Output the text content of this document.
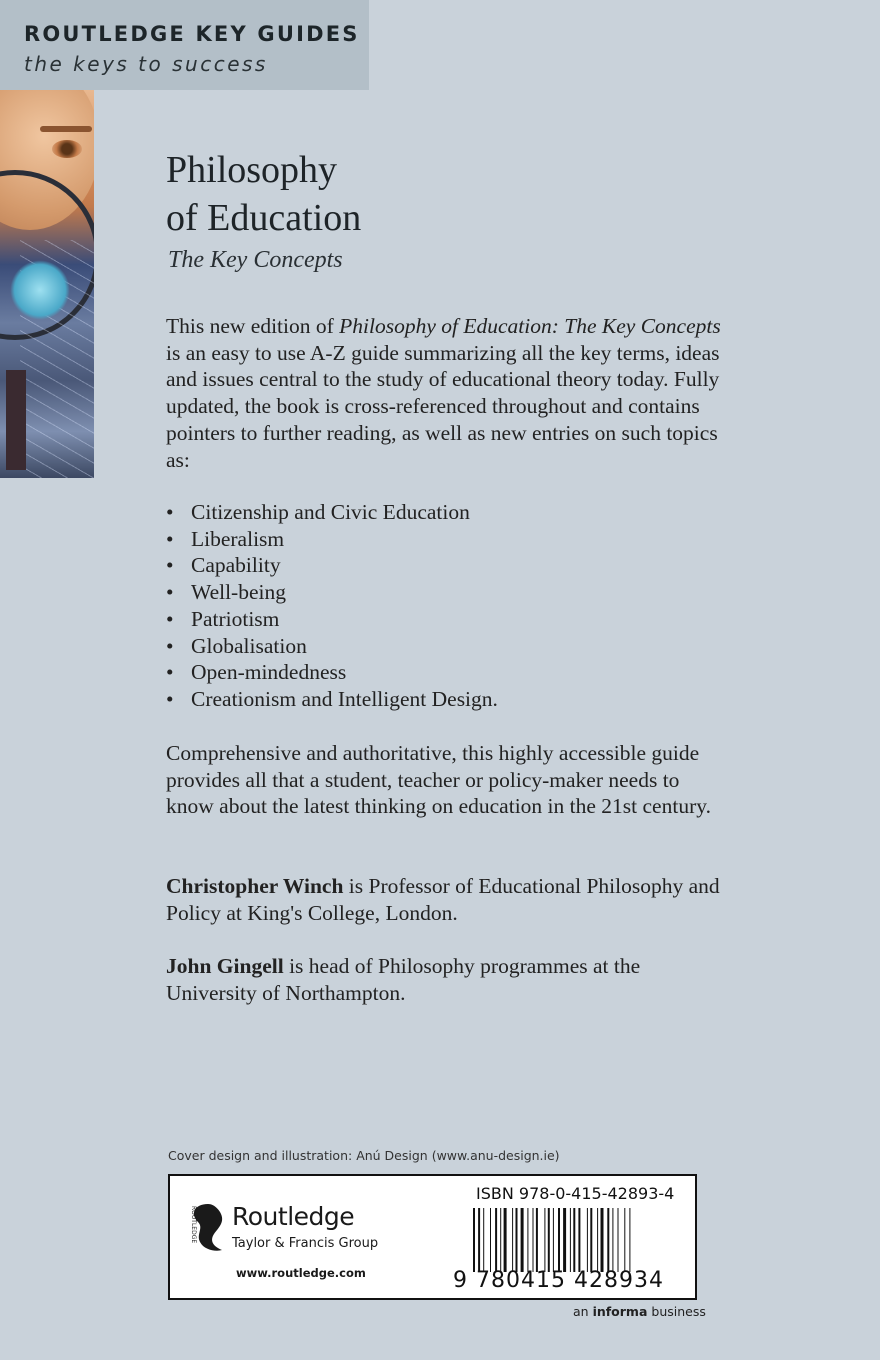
ROUTLEDGE KEY GUIDES
the keys to success
Philosophy
of Education
The Key Concepts
This new edition of Philosophy of Education: The Key Concepts is an easy to use A-Z guide summarizing all the key terms, ideas and issues central to the study of educational theory today. Fully updated, the book is cross-referenced throughout and contains pointers to further reading, as well as new entries on such topics as:
• Citizenship and Civic Education
• Liberalism
• Capability
• Well-being
• Patriotism
• Globalisation
• Open-mindedness
• Creationism and Intelligent Design.
Comprehensive and authoritative, this highly accessible guide provides all that a student, teacher or policy-maker needs to know about the latest thinking on education in the 21st century.
Christopher Winch is Professor of Educational Philosophy and Policy at King's College, London.
John Gingell is head of Philosophy programmes at the University of Northampton.
Cover design and illustration: Anú Design (www.anu-design.ie)
ROUTLEDGE Routledge
Taylor & Francis Group
www.routledge.com
ISBN 978-0-415-42893-4
9 780415 428934
an informa business
